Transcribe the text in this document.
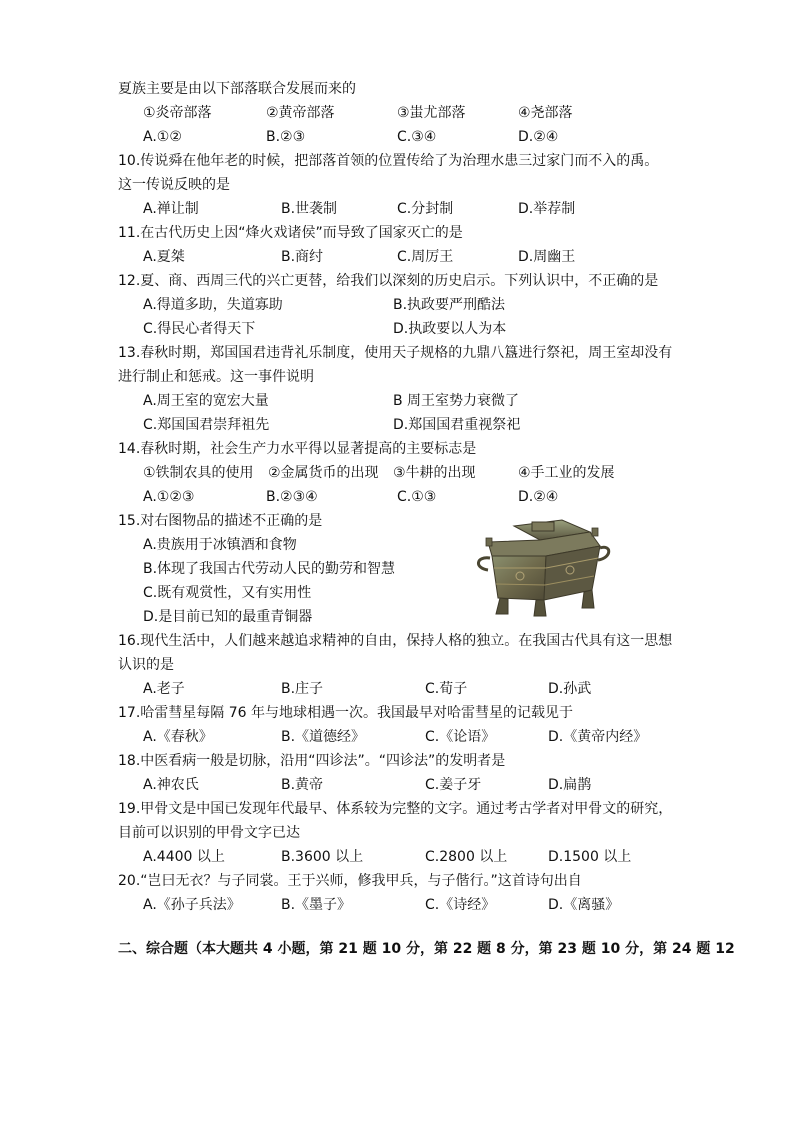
夏族主要是由以下部落联合发展而来的
①炎帝部落	②黄帝部落	③蚩尤部落	④尧部落
A.①②	B.②③	C.③④	D.②④
10.传说舜在他年老的时候，把部落首领的位置传给了为治理水患三过家门而不入的禹。
这一传说反映的是
A.禅让制	B.世袭制	C.分封制	D.举荐制
11.在古代历史上因“烽火戏诸侯”而导致了国家灭亡的是
A.夏桀	B.商纣	C.周厉王	D.周幽王
12.夏、商、西周三代的兴亡更替，给我们以深刻的历史启示。下列认识中，不正确的是
A.得道多助，失道寡助	B.执政要严刑酷法
C.得民心者得天下	D.执政要以人为本
13.春秋时期，郑国国君违背礼乐制度，使用天子规格的九鼎八簋进行祭祀，周王室却没有
进行制止和惩戒。这一事件说明
A.周王室的宽宏大量	B 周王室势力衰微了
C.郑国国君崇拜祖先	D.郑国国君重视祭祀
14.春秋时期，社会生产力水平得以显著提高的主要标志是
①铁制农具的使用 ②金属货币的出现 ③牛耕的出现	④手工业的发展
A.①②③	B.②③④	C.①③	D.②④
15.对右图物品的描述不正确的是
A.贵族用于冰镇酒和食物
B.体现了我国古代劳动人民的勤劳和智慧
C.既有观赏性，又有实用性
D.是目前已知的最重青铜器
16.现代生活中，人们越来越追求精神的自由，保持人格的独立。在我国古代具有这一思想
认识的是
A.老子	B.庄子	C.荀子	D.孙武
17.哈雷彗星每隔 76 年与地球相遇一次。我国最早对哈雷彗星的记载见于
A.《春秋》	B.《道德经》	C.《论语》	D.《黄帝内经》
18.中医看病一般是切脉，沿用“四诊法”。“四诊法”的发明者是
A.神农氏	B.黄帝	C.姜子牙	D.扁鹊
19.甲骨文是中国已发现年代最早、体系较为完整的文字。通过考古学者对甲骨文的研究，
目前可以识别的甲骨文字已达
A.4400 以上	B.3600 以上	C.2800 以上	D.1500 以上
20.“岂曰无衣？与子同裳。王于兴师，修我甲兵，与子偕行。”这首诗句出自
A.《孙子兵法》	B.《墨子》	C.《诗经》	D.《离骚》
二、综合题（本大题共 4 小题，第 21 题 10 分，第 22 题 8 分，第 23 题 10 分，第 24 题 12
